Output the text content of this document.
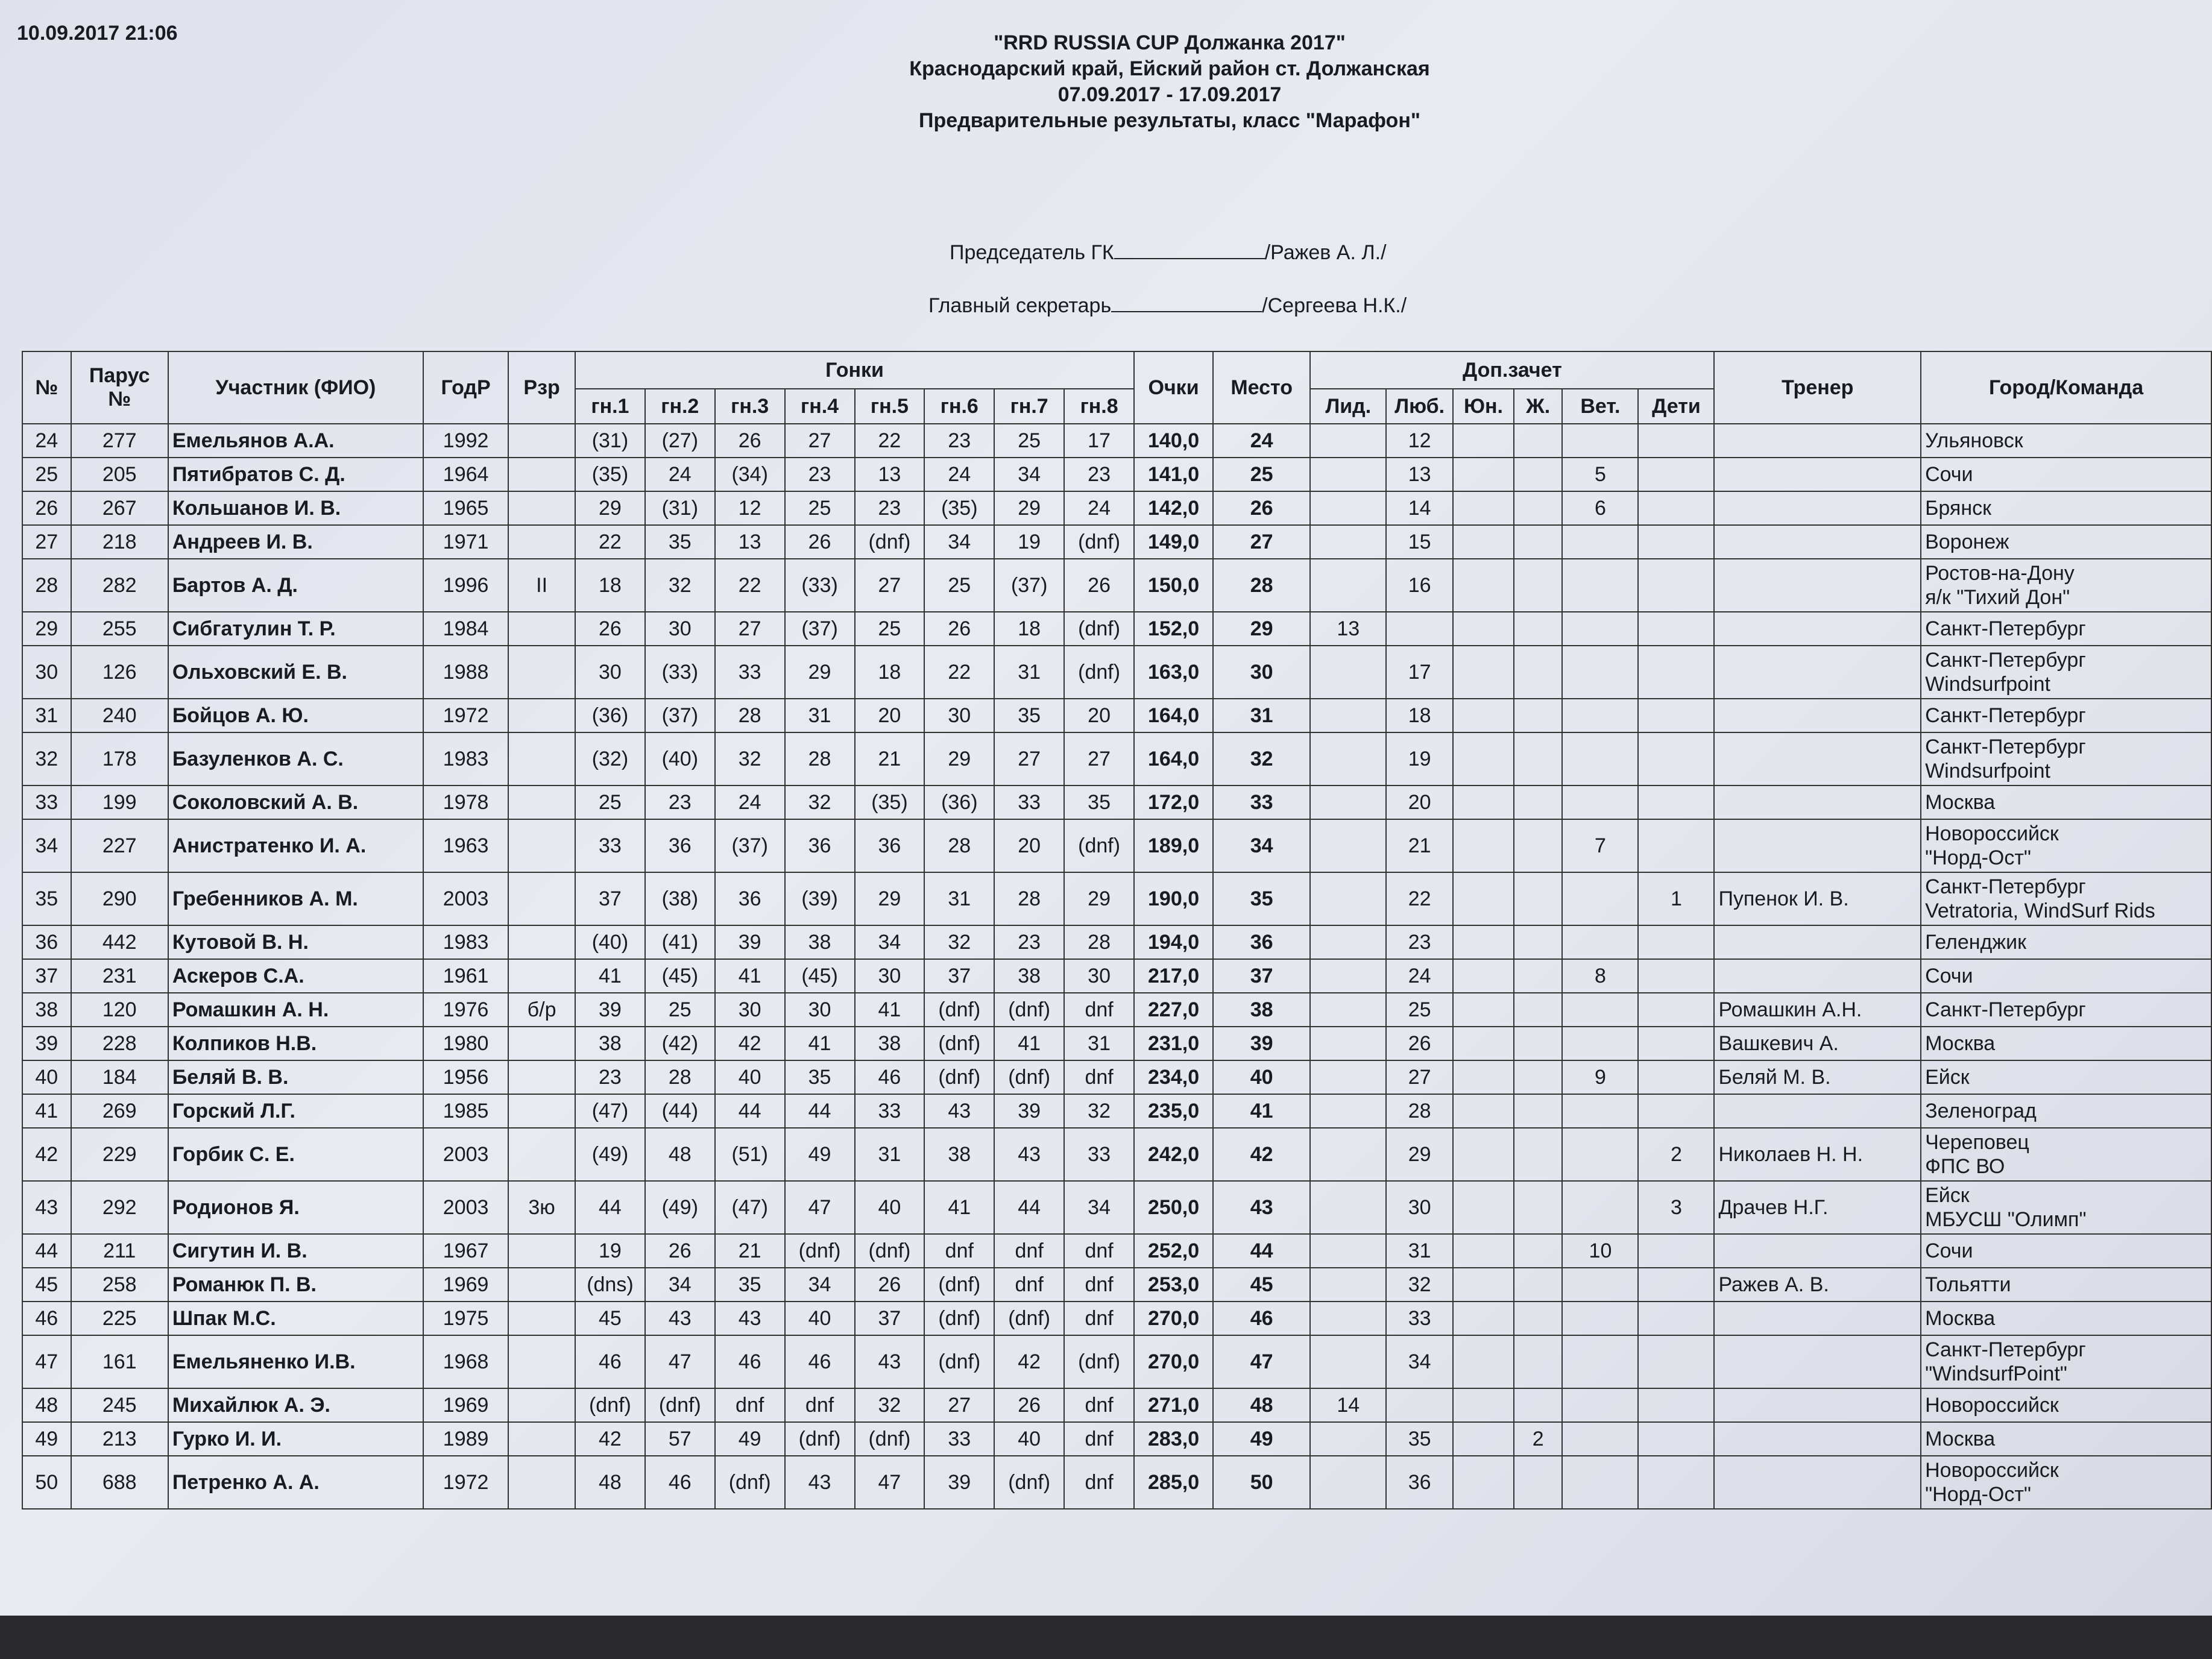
10.09.2017 21:06	"RRD RUSSIA CUP Должанка 2017"
Краснодарский край, Ейский район ст. Должанская
07.09.2017 - 17.09.2017
Предварительные результаты, класс "Марафон"
Председатель ГК	/Ражев А. Л./
Главный секретарь	/Сергеева Н.К./
№	Парус №	Участник (ФИО)	ГодР	Рзр	Гонки								Очки	Место	Доп.зачет						Тренер	Город/Команда
					гн.1	гн.2	гн.3	гн.4	гн.5	гн.6	гн.7	гн.8			Лид.	Люб.	Юн.	Ж.	Вет.	Дети		
24	277	Емельянов А.А.	1992		(31)	(27)	26	27	22	23	25	17	140,0	24		12						Ульяновск

25	205	Пятибратов С. Д.	1964		(35)	24	(34)	23	13	24	34	23	141,0	25		13			5			Сочи

26	267	Кольшанов И. В.	1965		29	(31)	12	25	23	(35)	29	24	142,0	26		14			6			Брянск

27	218	Андреев И. В.	1971		22	35	13	26	(dnf)	34	19	(dnf)	149,0	27		15						Воронеж

28	282	Бартов А. Д.	1996	II	18	32	22	(33)	27	25	(37)	26	150,0	28		16						Ростов-на-Дону
я/к "Тихий Дон"

29	255	Сибгатулин Т. Р.	1984		26	30	27	(37)	25	26	18	(dnf)	152,0	29	13							Санкт-Петербург

30	126	Ольховский Е. В.	1988		30	(33)	33	29	18	22	31	(dnf)	163,0	30		17						Санкт-Петербург
Windsurfpoint

31	240	Бойцов А. Ю.	1972		(36)	(37)	28	31	20	30	35	20	164,0	31		18						Санкт-Петербург

32	178	Базуленков А. С.	1983		(32)	(40)	32	28	21	29	27	27	164,0	32		19						Санкт-Петербург
Windsurfpoint

33	199	Соколовский А. В.	1978		25	23	24	32	(35)	(36)	33	35	172,0	33		20						Москва

34	227	Анистратенко И. А.	1963		33	36	(37)	36	36	28	20	(dnf)	189,0	34		21			7			Новороссийск
"Норд-Ост"

35	290	Гребенников А. М.	2003		37	(38)	36	(39)	29	31	28	29	190,0	35		22				1	Пупенок И. В.	Санкт-Петербург
Vetratoria, WindSurf Rids

36	442	Кутовой В. Н.	1983		(40)	(41)	39	38	34	32	23	28	194,0	36		23						Геленджик

37	231	Аскеров С.А.	1961		41	(45)	41	(45)	30	37	38	30	217,0	37		24			8			Сочи

38	120	Ромашкин А. Н.	1976	б/р	39	25	30	30	41	(dnf)	(dnf)	dnf	227,0	38		25					Ромашкин А.Н.	Санкт-Петербург

39	228	Колпиков Н.В.	1980		38	(42)	42	41	38	(dnf)	41	31	231,0	39		26					Вашкевич А.	Москва

40	184	Беляй В. В.	1956		23	28	40	35	46	(dnf)	(dnf)	dnf	234,0	40		27			9		Беляй М. В.	Ейск

41	269	Горский Л.Г.	1985		(47)	(44)	44	44	33	43	39	32	235,0	41		28						Зеленоград

42	229	Горбик С. Е.	2003		(49)	48	(51)	49	31	38	43	33	242,0	42		29				2	Николаев Н. Н.	Череповец
ФПС ВО

43	292	Родионов Я.	2003	3ю	44	(49)	(47)	47	40	41	44	34	250,0	43		30				3	Драчев Н.Г.	Ейск
МБУСШ "Олимп"

44	211	Сигутин И. В.	1967		19	26	21	(dnf)	(dnf)	dnf	dnf	dnf	252,0	44		31			10			Сочи

45	258	Романюк П. В.	1969		(dns)	34	35	34	26	(dnf)	dnf	dnf	253,0	45		32					Ражев А. В.	Тольятти

46	225	Шпак М.С.	1975		45	43	43	40	37	(dnf)	(dnf)	dnf	270,0	46		33						Москва

47	161	Емельяненко И.В.	1968		46	47	46	46	43	(dnf)	42	(dnf)	270,0	47		34						Санкт-Петербург
"WindsurfPoint"

48	245	Михайлюк А. Э.	1969		(dnf)	(dnf)	dnf	dnf	32	27	26	dnf	271,0	48	14							Новороссийск

49	213	Гурко И. И.	1989		42	57	49	(dnf)	(dnf)	33	40	dnf	283,0	49		35		2				Москва

50	688	Петренко А. А.	1972		48	46	(dnf)	43	47	39	(dnf)	dnf	285,0	50		36						Новороссийск
"Норд-Ост"
